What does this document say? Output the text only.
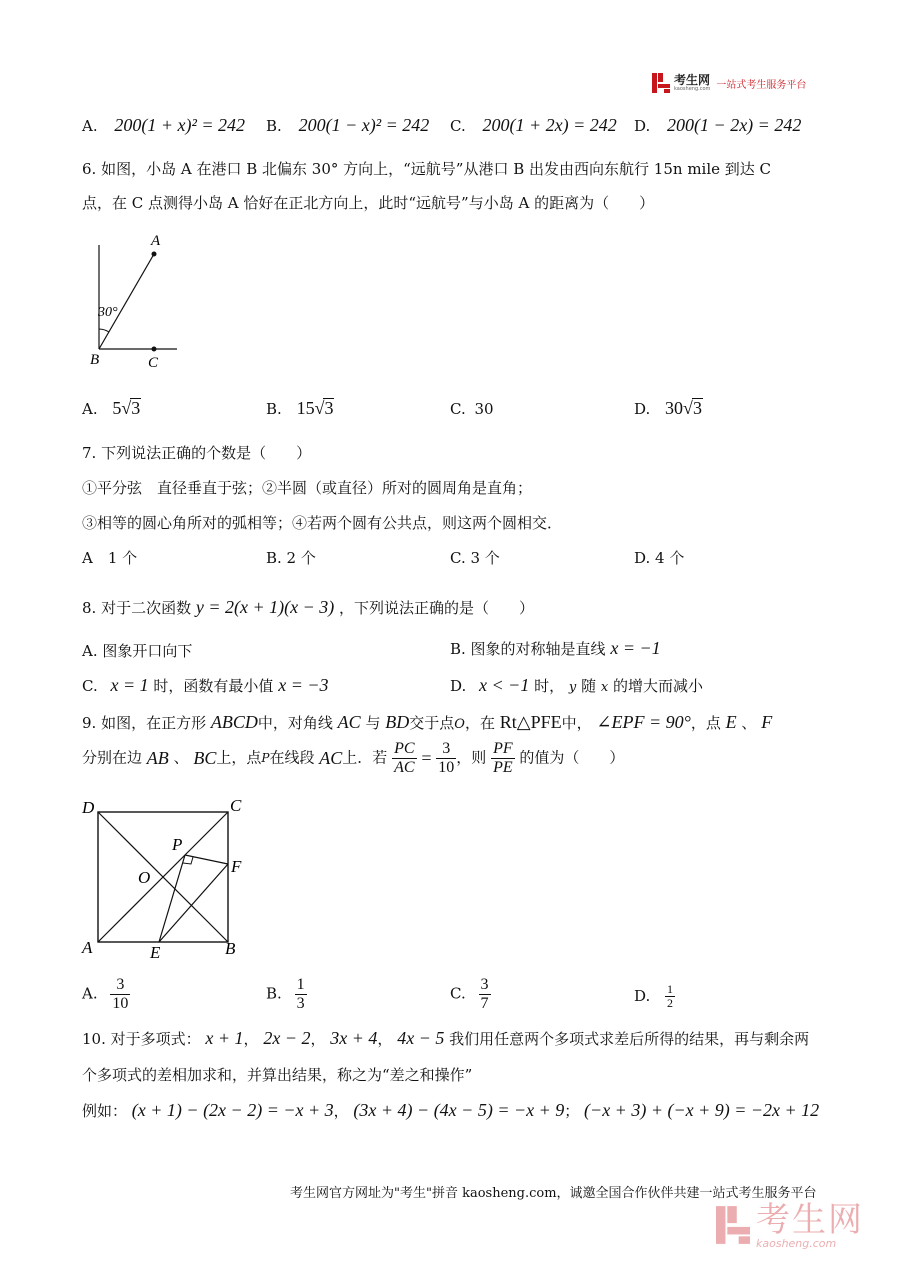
考生网
kaosheng.com 一站式考生服务平台
A. 200(1 + x)² = 242 B. 200(1 − x)² = 242 C. 200(1 + 2x) = 242 D. 200(1 − 2x) = 242
6. 如图，小岛 A 在港口 B 北偏东 30° 方向上，“远航号”从港口 B 出发由西向东航行 15n mile 到达 C
点，在 C 点测得小岛 A 恰好在正北方向上，此时“远航号”与小岛 A 的距离为（　　）
A
B	C
30°
A. 5√3	B. 15√3	C. 30	D. 30√3
7. 下列说法正确的个数是（　　）
①平分弦　直径垂直于弦；②半圆（或直径）所对的圆周角是直角；
③相等的圆心角所对的弧相等；④若两个圆有公共点，则这两个圆相交．
A　1 个	B. 2 个	C. 3 个	D. 4 个
8. 对于二次函数 y = 2(x + 1)(x − 3) ，下列说法正确的是（　　）
A. 图象开口向下	B. 图象的对称轴是直线 x = −1
C. x = 1 时，函数有最小值 x = −3	D. x < −1 时， y 随 x 的增大而减小
9. 如图，在正方形 ABCD中，对角线 AC 与 BD交于点O，在 Rt△PFE中， ∠EPF = 90°，点 E 、 F
分别在边 AB 、 BC上，点P在线段 AC上．若 $\frac{PC}{AC} = \frac{3}{10}$ ，则 $\frac{PF}{PE}$ 的值为（　　）
D	C
A	B
E
F
O
P
A. $\frac{3}{10}$	B. $\frac{1}{3}$	C. $\frac{3}{7}$	D. $\frac{1}{2}$
10. 对于多项式： x + 1， 2x − 2， 3x + 4， 4x − 5 我们用任意两个多项式求差后所得的结果，再与剩余两
个多项式的差相加求和，并算出结果，称之为“差之和操作”
例如： (x + 1) − (2x − 2) = −x + 3， (3x + 4) − (4x − 5) = −x + 9； (−x + 3) + (−x + 9) = −2x + 12
考生网官方网址为"考生"拼音 kaosheng.com，诚邀全国合作伙伴共建一站式考生服务平台
考生网
kaosheng.com
